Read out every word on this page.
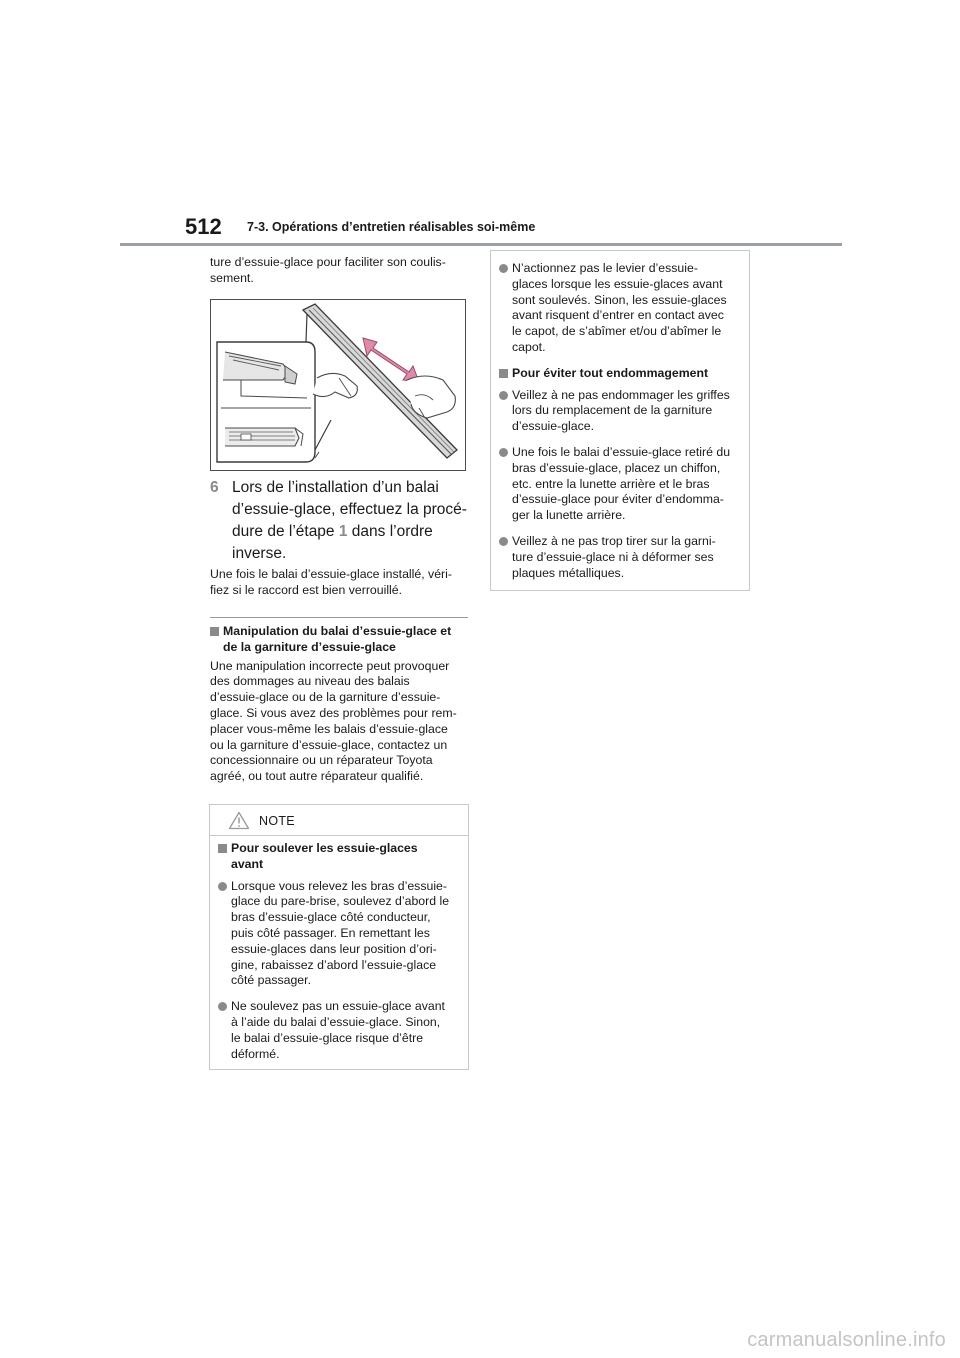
512 7-3. Opérations d’entretien réalisables soi-même
ture d’essuie-glace pour faciliter son coulis-
sement.
6 Lors de l’installation d’un balai
d’essuie-glace, effectuez la procé-
dure de l’étape 1 dans l’ordre
inverse.
Une fois le balai d’essuie-glace installé, véri-
fiez si le raccord est bien verrouillé.
Manipulation du balai d’essuie-glace et
de la garniture d’essuie-glace
Une manipulation incorrecte peut provoquer
des dommages au niveau des balais
d’essuie-glace ou de la garniture d’essuie-
glace. Si vous avez des problèmes pour rem-
placer vous-même les balais d’essuie-glace
ou la garniture d’essuie-glace, contactez un
concessionnaire ou un réparateur Toyota
agréé, ou tout autre réparateur qualifié.
NOTE
Pour soulever les essuie-glaces
avant
Lorsque vous relevez les bras d’essuie-
glace du pare-brise, soulevez d’abord le
bras d’essuie-glace côté conducteur,
puis côté passager. En remettant les
essuie-glaces dans leur position d’ori-
gine, rabaissez d’abord l’essuie-glace
côté passager.
Ne soulevez pas un essuie-glace avant
à l’aide du balai d’essuie-glace. Sinon,
le balai d’essuie-glace risque d’être
déformé.
N’actionnez pas le levier d’essuie-
glaces lorsque les essuie-glaces avant
sont soulevés. Sinon, les essuie-glaces
avant risquent d’entrer en contact avec
le capot, de s’abîmer et/ou d’abîmer le
capot.
Pour éviter tout endommagement
Veillez à ne pas endommager les griffes
lors du remplacement de la garniture
d’essuie-glace.
Une fois le balai d’essuie-glace retiré du
bras d’essuie-glace, placez un chiffon,
etc. entre la lunette arrière et le bras
d’essuie-glace pour éviter d’endomma-
ger la lunette arrière.
Veillez à ne pas trop tirer sur la garni-
ture d’essuie-glace ni à déformer ses
plaques métalliques.
carmanualsonline.info
